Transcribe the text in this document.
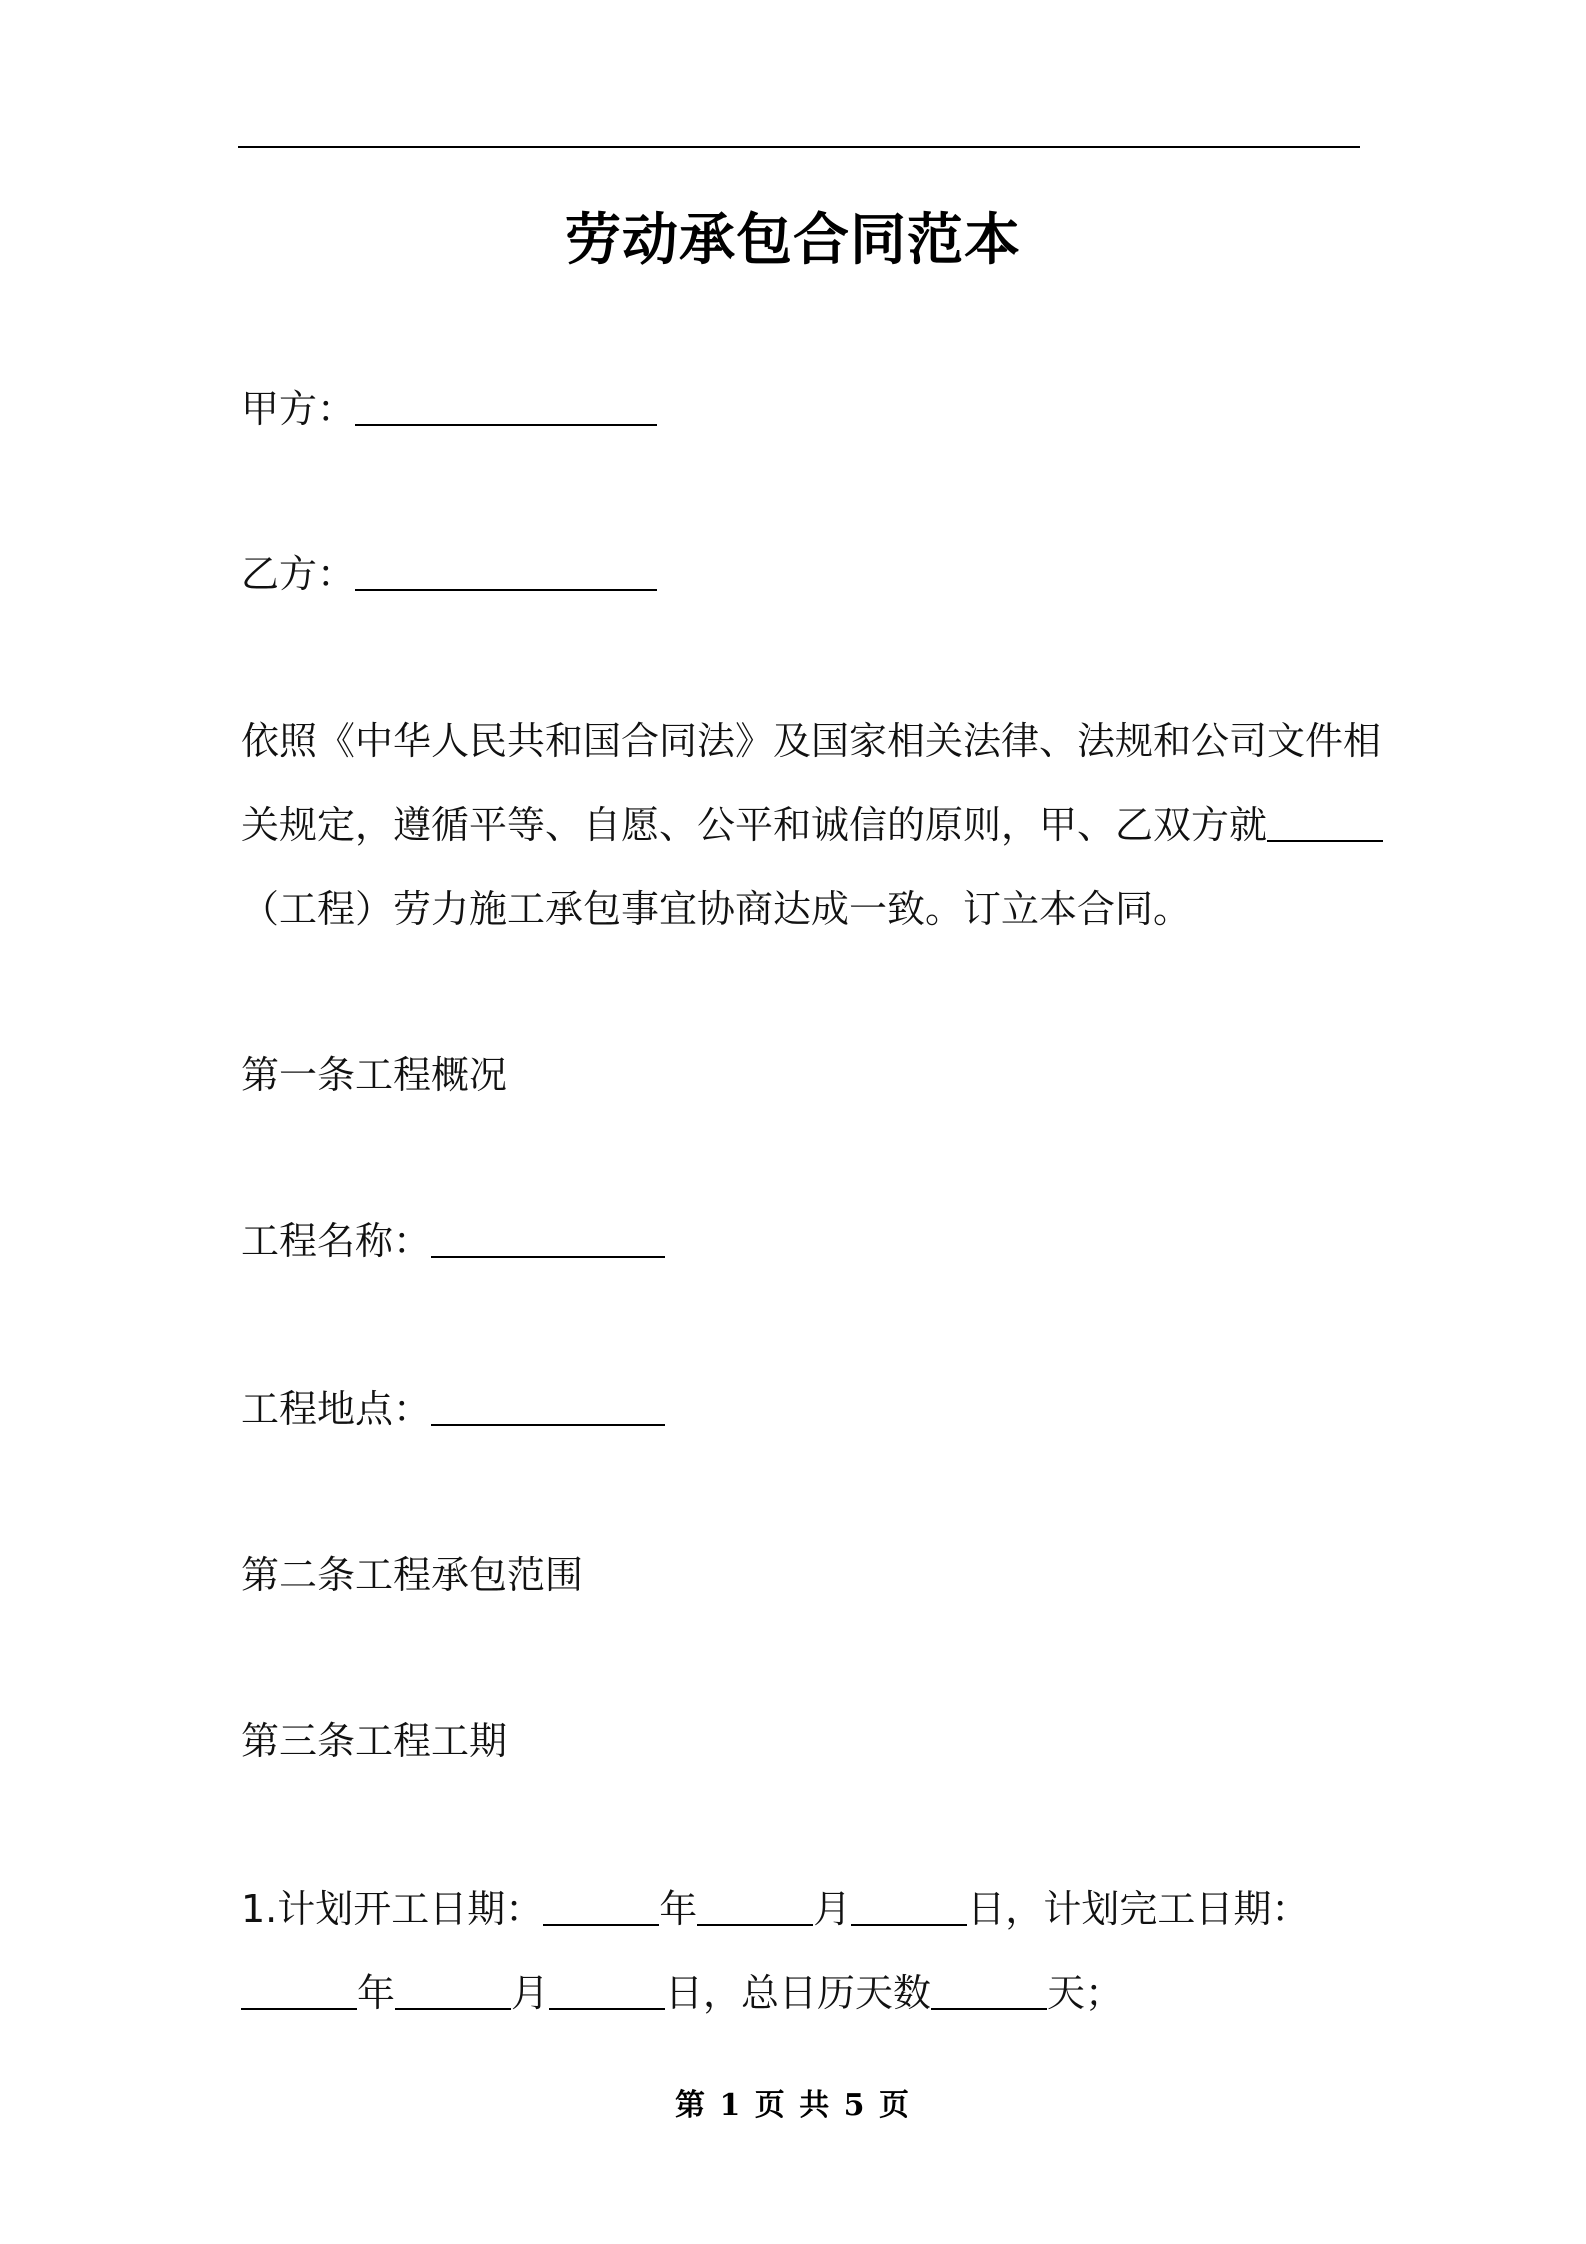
劳动承包合同范本
甲方：
乙方：
依照《中华人民共和国合同法》及国家相关法律、法规和公司文件相
关规定，遵循平等、自愿、公平和诚信的原则，甲、乙双方就
（工程）劳力施工承包事宜协商达成一致。订立本合同。
第一条工程概况
工程名称：
工程地点：
第二条工程承包范围
第三条工程工期
1.计划开工日期：	年	月	日，计划完工日期：
年	月	日，总日历天数	天；
第 1 页 共 5 页
